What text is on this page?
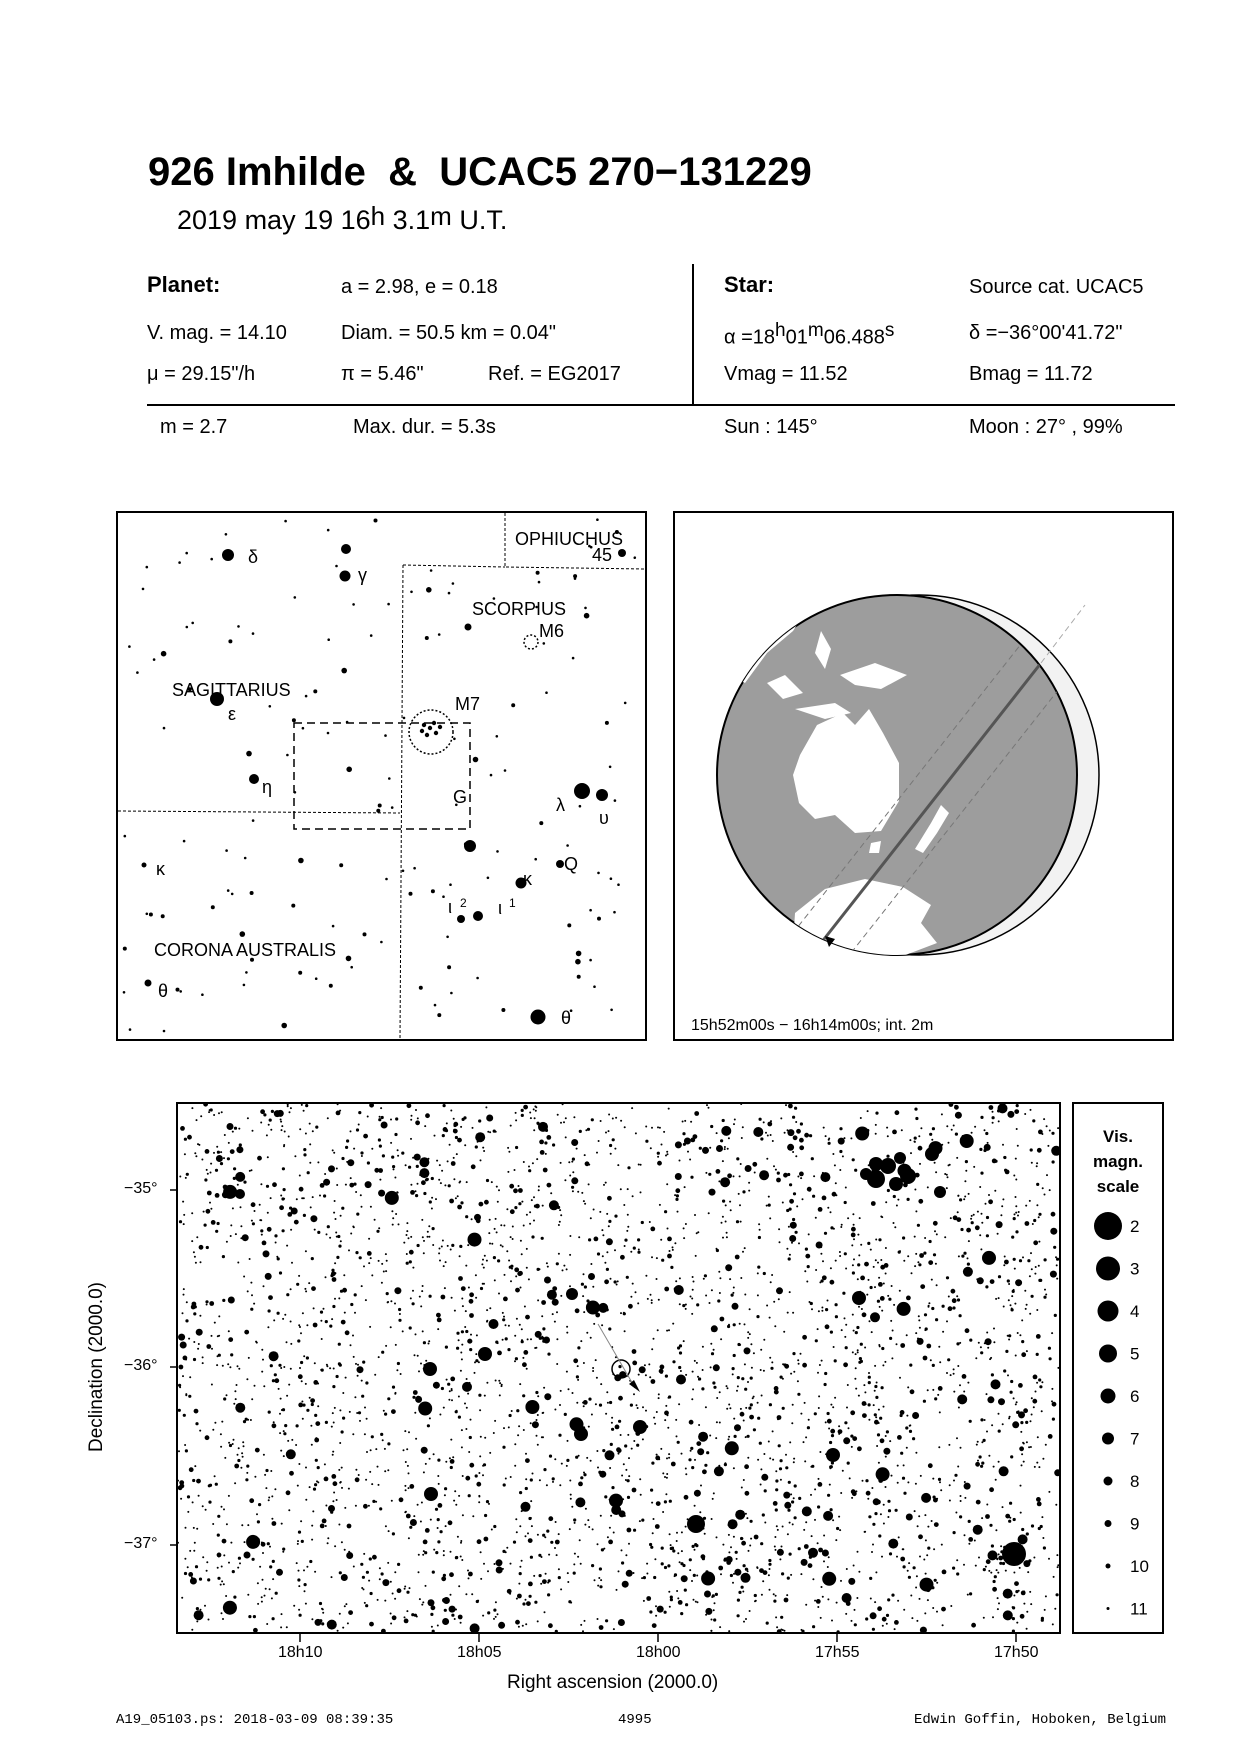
926 Imhilde  &  UCAC5 270−131229
2019 may 19 16$^h$ 3.1$^m$ U.T.
Planet:	a = 2.98, e = 0.18
V. mag. = 14.10	Diam. = 50.5 km = 0.04"
μ = 29.15"/h	π = 5.46"	Ref. = EG2017
Star:	Source cat. UCAC5
$\alpha =18^h01^m06.488^s$	δ =−36°00'41.72"
Vmag = 11.52	Bmag = 11.72
m = 2.7	Max. dur. = 5.3s	Sun : 145°	Moon : 27° , 99%
OPHIUCHUS
45
SCORPIUS
M6
SAGITTARIUS
M7
CORONA AUSTRALIS
δ
γ
ε
η	G	λ
υ
Q
κ	κ
ι 2 ι 1
θ
θ	15h52m00s − 16h14m00s; int. 2m
−35°
−36°
−37°
18h10	18h05	18h00	17h55	17h50
Right ascension (2000.0)
Declination (2000.0)
Vis.
magn.
scale
2
3
4
5
6
7
8
9
10
11
A19_05103.ps: 2018-03-09 08:39:35	4995	Edwin Goffin, Hoboken, Belgium
